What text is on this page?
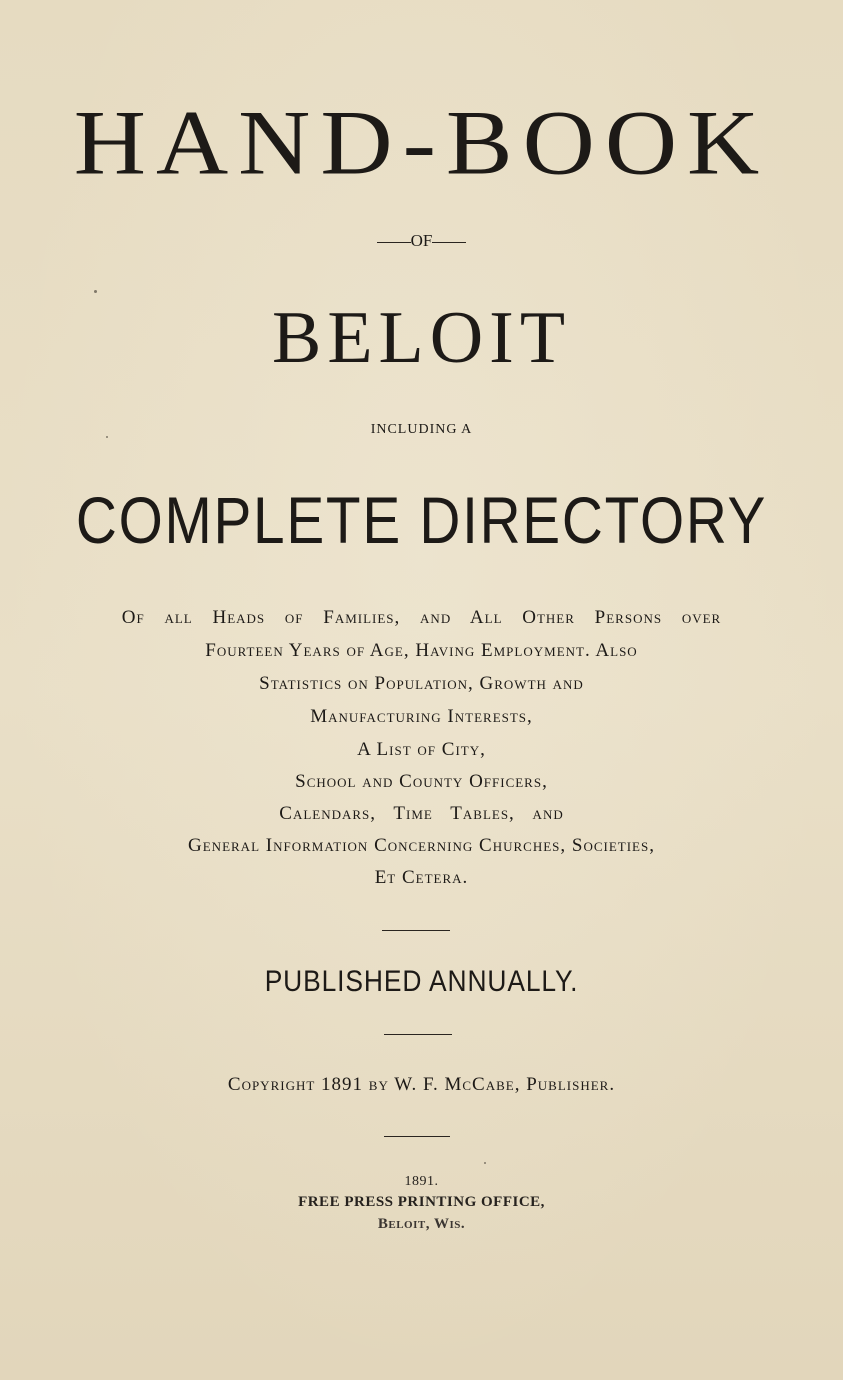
HAND-BOOK
OF
BELOIT
INCLUDING A
COMPLETE DIRECTORY
Of all Heads of Families, and All Other Persons over
Fourteen Years of Age, Having Employment. Also
Statistics on Population, Growth and
Manufacturing Interests,
A List of City,
School and County Officers,
Calendars, Time Tables, and
General Information Concerning Churches, Societies,
Et Cetera.
PUBLISHED ANNUALLY.
Copyright 1891 by W. F. McCabe, Publisher.
1891.
FREE PRESS PRINTING OFFICE,
Beloit, Wis.
